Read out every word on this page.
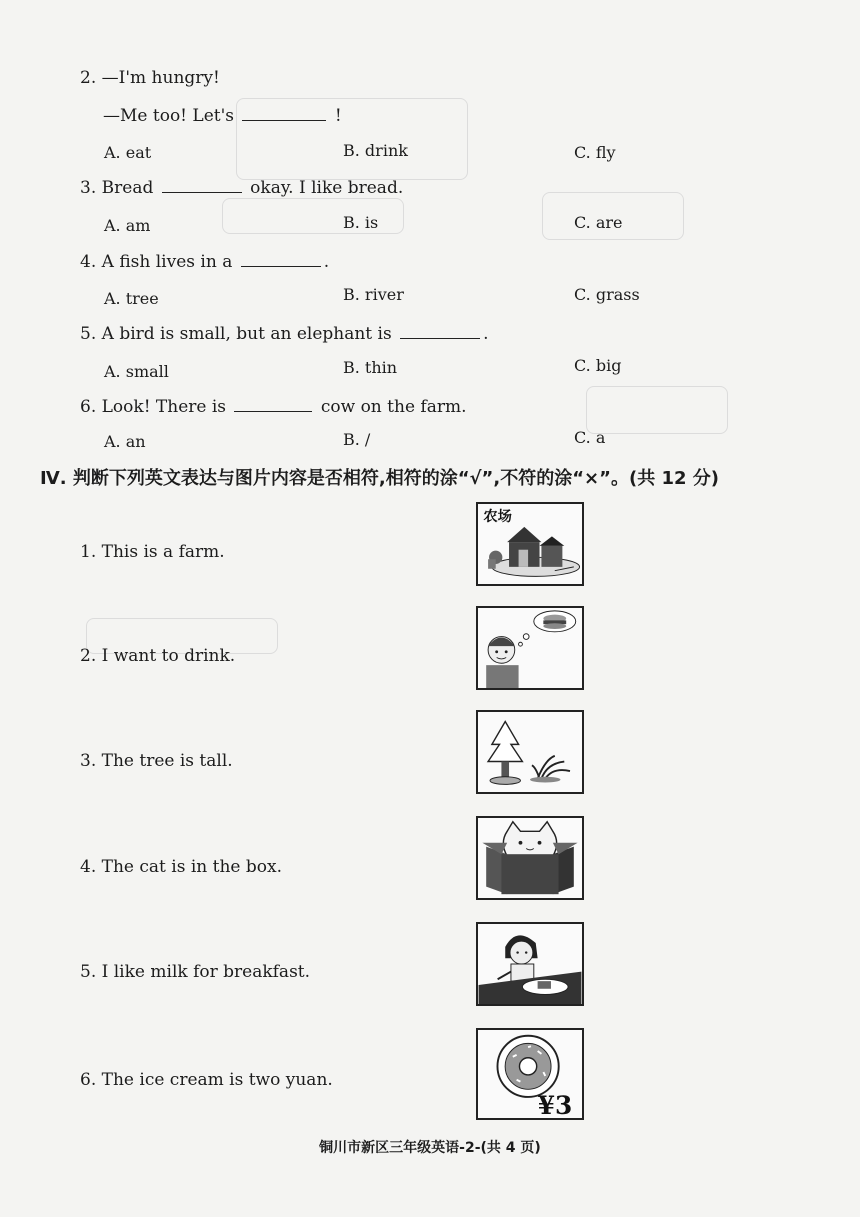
2. —I'm hungry!
—Me too! Let's	!
A. eat	B. drink	C. fly
3. Bread	okay. I like bread.
A. am	B. is	C. are
4. A fish lives in a	.
A. tree	B. river	C. grass
5. A bird is small, but an elephant is	.
A. small	B. thin	C. big
6. Look! There is	cow on the farm.
A. an	B. /	C. a
Ⅳ. 判断下列英文表达与图片内容是否相符,相符的涂“√”,不符的涂“×”。(共 12 分)
1. This is a farm.
2. I want to drink.
3. The tree is tall.
4. The cat is in the box.
5. I like milk for breakfast.
6. The ice cream is two yuan.
农场
¥3
铜川市新区三年级英语-2-(共 4 页)
